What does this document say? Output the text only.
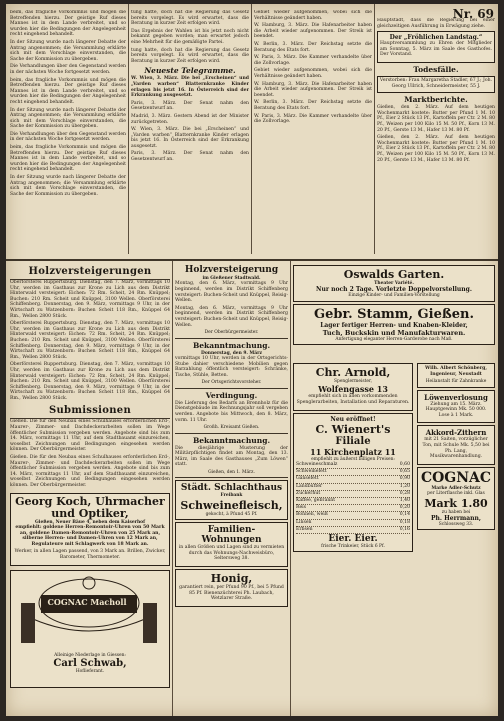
Nr. 69

beim, das fragliche Vorkommnis und mögen die Betreffenden hierzu. Der geistige Ruf dieses Mannes ist in dem Lande verbreitet, und so wurden hier die Bedingungen der Angelegenheit recht eingehend behandelt.

In der Sitzung wurde nach längerer Debatte der Antrag angenommen; die Versammlung erklärte sich mit dem Vorschlage einverstanden, die Sache der Kommission zu übergeben.

Die Verhandlungen über den Gegenstand werden in der nächsten Woche fortgesetzt werden.

beim, das fragliche Vorkommnis und mögen die Betreffenden hierzu. Der geistige Ruf dieses Mannes ist in dem Lande verbreitet, und so wurden hier die Bedingungen der Angelegenheit recht eingehend behandelt.

In der Sitzung wurde nach längerer Debatte der Antrag angenommen; die Versammlung erklärte sich mit dem Vorschlage einverstanden, die Sache der Kommission zu übergeben.

Die Verhandlungen über den Gegenstand werden in der nächsten Woche fortgesetzt werden.

beim, das fragliche Vorkommnis und mögen die Betreffenden hierzu. Der geistige Ruf dieses Mannes ist in dem Lande verbreitet, und so wurden hier die Bedingungen der Angelegenheit recht eingehend behandelt.

In der Sitzung wurde nach längerer Debatte der Antrag angenommen; die Versammlung erklärte sich mit dem Vorschlage einverstanden, die Sache der Kommission zu übergeben.

tung hatte, doch hat die Regierung das Gesetz bereits vorgelegt. Es wird erwartet, dass die Beratung in kurzer Zeit erfolgen wird.

Das Ergebnis der Wahlen ist bis jetzt noch nicht bekannt gegeben worden; man erwartet jedoch eine Mehrheit für die gemäßigte Partei.

tung hatte, doch hat die Regierung das Gesetz bereits vorgelegt. Es wird erwartet, dass die Beratung in kurzer Zeit erfolgen wird.

Neueste Telegramme.

W. Wien, 3. März. Die bei „Erscheinen“ und „Varden warben“ Blatternkranke Kinder erlagen bis jetzt 16. In Österreich sind der Erkrankung ausgesetzt.

Paris, 3. März. Der Senat nahm den Gesetzentwurf an.

Madrid, 3. März. Gestern Abend ist der Minister zurückgetreten.

W. Wien, 3. März. Die bei „Erscheinen“ und „Varden warben“ Blatternkranke Kinder erlagen bis jetzt 16. In Österreich sind der Erkrankung ausgesetzt.

Paris, 3. März. Der Senat nahm den Gesetzentwurf an.

Gebiet wieder aufgenommen, wobei sich die Verhältnisse geändert haben.

W. Hamburg, 3. März. Die Hafenarbeiter haben die Arbeit wieder aufgenommen. Der Streik ist beendet.

W. Berlin, 3. März. Der Reichstag setzte die Beratung des Etats fort.

W. Paris, 3. März. Die Kammer verhandelte über die Zollvorlage.

Gebiet wieder aufgenommen, wobei sich die Verhältnisse geändert haben.

W. Hamburg, 3. März. Die Hafenarbeiter haben die Arbeit wieder aufgenommen. Der Streik ist beendet.

W. Berlin, 3. März. Der Reichstag setzte die Beratung des Etats fort.

W. Paris, 3. März. Die Kammer verhandelte über die Zollvorlage.

Hauptstadt, dass die Regierung bei einer gleichzeitigen Ausführung in Erwägung ziehe.

Der „Fröhlichen Landstag.“

Hauptversammlung zu Ehren der Mitglieder am Sonntag, 5. März im Saale des Gasthofes. Der Vorstand.

Todesfälle.

Verstorben: Frau Margaretha Stadler, 67 J.; Joh. Georg Ullrich, Schneidermeister, 55 J.

Marktberichte.

Gießen, den 2. März. Auf dem heutigen Wochenmarkt kostete: Butter per Pfund 1 M. 10 Pf., Eier 2 Stück 13 Pf., Kartoffeln per Ctr. 2 M. 80 Pf., Weizen per 100 Kilo 15 M. 50 Pf., Korn 13 M. 20 Pf., Gerste 13 M., Hafer 13 M. 80 Pf.

Gießen, den 2. März. Auf dem heutigen Wochenmarkt kostete: Butter per Pfund 1 M. 10 Pf., Eier 2 Stück 13 Pf., Kartoffeln per Ctr. 2 M. 80 Pf., Weizen per 100 Kilo 15 M. 50 Pf., Korn 13 M. 20 Pf., Gerste 13 M., Hafer 13 M. 80 Pf.

Holzversteigerungen

Oberförsterei Ruppertsburg. Dienstag, den 7. März, vormittags 10 Uhr, werden im Gasthaus zur Krone zu Lich aus dem Distrikt Hinterwald versteigert: Eichen: 72 Rm. Scheit, 24 Rm. Knüppel; Buchen: 210 Rm. Scheit und Knüppel, 3100 Wellen. Oberförsterei Schiffenberg. Donnerstag, den 9. März, vormittags 9 Uhr, in der Wirtschaft zu Watzenborn: Buchen Scheit 118 Rm., Knüppel 64 Rm., Wellen 2800 Stück.

Oberförsterei Ruppertsburg. Dienstag, den 7. März, vormittags 10 Uhr, werden im Gasthaus zur Krone zu Lich aus dem Distrikt Hinterwald versteigert: Eichen: 72 Rm. Scheit, 24 Rm. Knüppel; Buchen: 210 Rm. Scheit und Knüppel, 3100 Wellen. Oberförsterei Schiffenberg. Donnerstag, den 9. März, vormittags 9 Uhr, in der Wirtschaft zu Watzenborn: Buchen Scheit 118 Rm., Knüppel 64 Rm., Wellen 2800 Stück.

Oberförsterei Ruppertsburg. Dienstag, den 7. März, vormittags 10 Uhr, werden im Gasthaus zur Krone zu Lich aus dem Distrikt Hinterwald versteigert: Eichen: 72 Rm. Scheit, 24 Rm. Knüppel; Buchen: 210 Rm. Scheit und Knüppel, 3100 Wellen. Oberförsterei Schiffenberg. Donnerstag, den 9. März, vormittags 9 Uhr, in der Wirtschaft zu Watzenborn: Buchen Scheit 118 Rm., Knüppel 64 Rm., Wellen 2800 Stück.

Submissionen

Gießen. Die für den Neubau eines Schulhauses erforderlichen Erd-, Maurer-, Zimmer- und Dachdeckerarbeiten sollen im Wege öffentlicher Submission vergeben werden. Angebote sind bis zum 14. März, vormittags 11 Uhr, auf dem Stadtbauamt einzureichen, woselbst Zeichnungen und Bedingungen eingesehen werden können. Der Oberbürgermeister.

Gießen. Die für den Neubau eines Schulhauses erforderlichen Erd-, Maurer-, Zimmer- und Dachdeckerarbeiten sollen im Wege öffentlicher Submission vergeben werden. Angebote sind bis zum 14. März, vormittags 11 Uhr, auf dem Stadtbauamt einzureichen, woselbst Zeichnungen und Bedingungen eingesehen werden können. Der Oberbürgermeister.

Georg Koch, Uhrmacher und Optiker,
Gießen, Neuer Bäue 4, neben dem Kaiserhof

empfiehlt: goldene Herren-Remontoir-Uhren von 50 Mark an, goldene Damen-Remontoir-Uhren von 25 Mark an, silberne Herren- und Damen-Uhren von 12 Mark an, Regulateure mit Schlagwerk von 18 Mark an.

Werker, in allen Lagen passend, von 3 Mark an. Brillen, Zwicker, Barometer, Thermometer.

COGNAC Macholl
Alleinige Niederlage in Giessen:
Carl Schwab,
Hoflieferant.
Holzversteigerung
im Gießener Stadtwald.

Montag, den 6. März, vormittags 9 Uhr beginnend, werden im Distrikt Schiffenberg versteigert: Buchen-Scheit und Knüppel, Reisig-Wellen.

Montag, den 6. März, vormittags 9 Uhr beginnend, werden im Distrikt Schiffenberg versteigert: Buchen-Scheit und Knüppel, Reisig-Wellen.

Der Oberbürgermeister.
Bekanntmachung.
Donnerstag, den 9. März

vormittags 10 Uhr, werden in der Ortsgerichts-Stube dahier verschiedene Mobilien gegen Barzahlung öffentlich versteigert: Schränke, Tische, Stühle, Betten.

Der Ortsgerichtsvorsteher.
Verdingung.

Die Lieferung des Bedarfs an Brennholz für die Dienstgebäude im Rechnungsjahr soll vergeben werden. Angebote bis Mittwoch, den 8. März, vorm. 11 Uhr.

Großh. Kreisamt Gießen.
Bekanntmachung.

Die diesjährige Musterung der Militärpflichtigen findet am Montag, den 13. März, im Saale des Gasthauses „Zum Löwen“ statt.

Gießen, den 1. März.
Städt. Schlachthaus
Freibank
Schweinefleisch,
gekocht, à Pfund 45 Pf.
Familien-Wohnungen

in allen Größen und Lagen sind zu vermieten durch das Wohnungs-Nachweisbüro, Seltersweg 38.

Honig,

garantiert rein, per Pfund 90 Pf., bei 5 Pfund 85 Pf. Bienenzüchterei Ph. Laubach, Wetzlarer Straße.

Oswalds Garten.
Theater Variété.
Nur noch 2 Tage. Vorletzte Doppelvorstellung.
Einzige Kinder- und Familien-Vorstellung
Gebr. Stamm, Gießen.
Lager fertiger Herren- und Knaben-Kleider,
Tuch, Buckskin und Manufakturwaren.
Anfertigung eleganter Herren-Garderobe nach Maß.
Chr. Arnold,
Spenglermeister,
Wolfengasse 13

empfiehlt sich in allen vorkommenden Spenglerarbeiten, Installation und Reparaturen.

Neu eröffnet!
C. Wienert's
Filiale
11 Kirchenplatz 11
empfiehlt zu äußerst billigen Preisen:
Schweineschmalz	0,60
Schweinefett	0,65
Gänsefett	0,90
Landbutter	1,20
Zuckerhut	0,28
Kaffee, gebrannt	1,40
Reis	0,20
Bohnen, weiß	0,14
Linsen	0,18
Erbsen	0,16
Eier. Eier.
frische Trinkeier, Stück 6 Pf.

Wilh. Albert Schönberg, Ingenieur, Neustadt

Heilanstalt für Zahnkranke
Löwenverlosung

Ziehung am 15. März. Hauptgewinn Mk. 50 000. Lose à 1 Mark.

Akkord-Zithern

mit 21 Saiten, vorzüglicher Ton, mit Schule Mk. 5,50 bei Ph. Lang, Musikwarenhandlung.

COGNAC
Marke Adler-Schutz
per Literflasche inkl. Glas
Mark 1.80
zu haben bei
Ph. Herrmann,
Schlossweg 33.
